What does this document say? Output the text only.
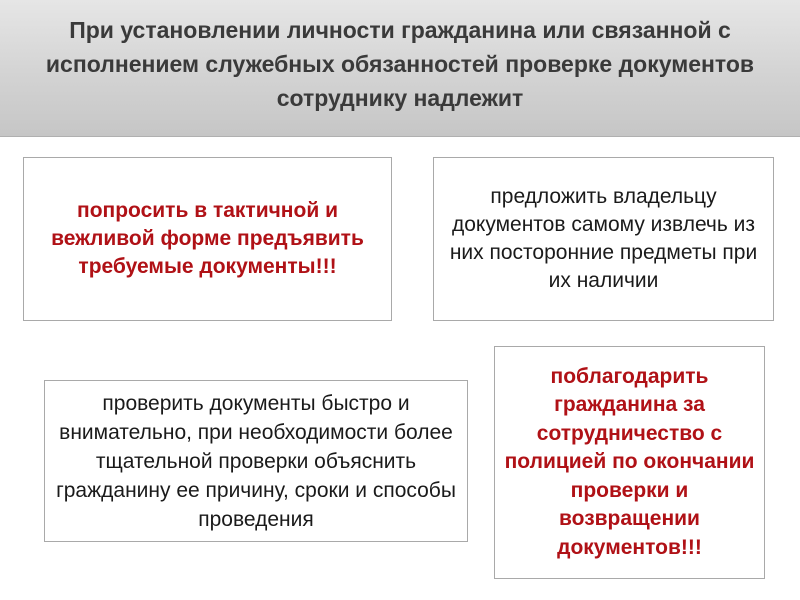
При установлении личности гражданина или связанной с исполнением служебных обязанностей проверке документов сотруднику надлежит
попросить в тактичной и вежливой форме предъявить требуемые документы!!!
предложить владельцу документов самому извлечь из них посторонние предметы при их наличии
проверить документы быстро и внимательно, при необходимости более тщательной проверки объяснить гражданину ее причину, сроки и способы проведения
поблагодарить гражданина за сотрудничество с полицией по окончании проверки и возвращении документов!!!
